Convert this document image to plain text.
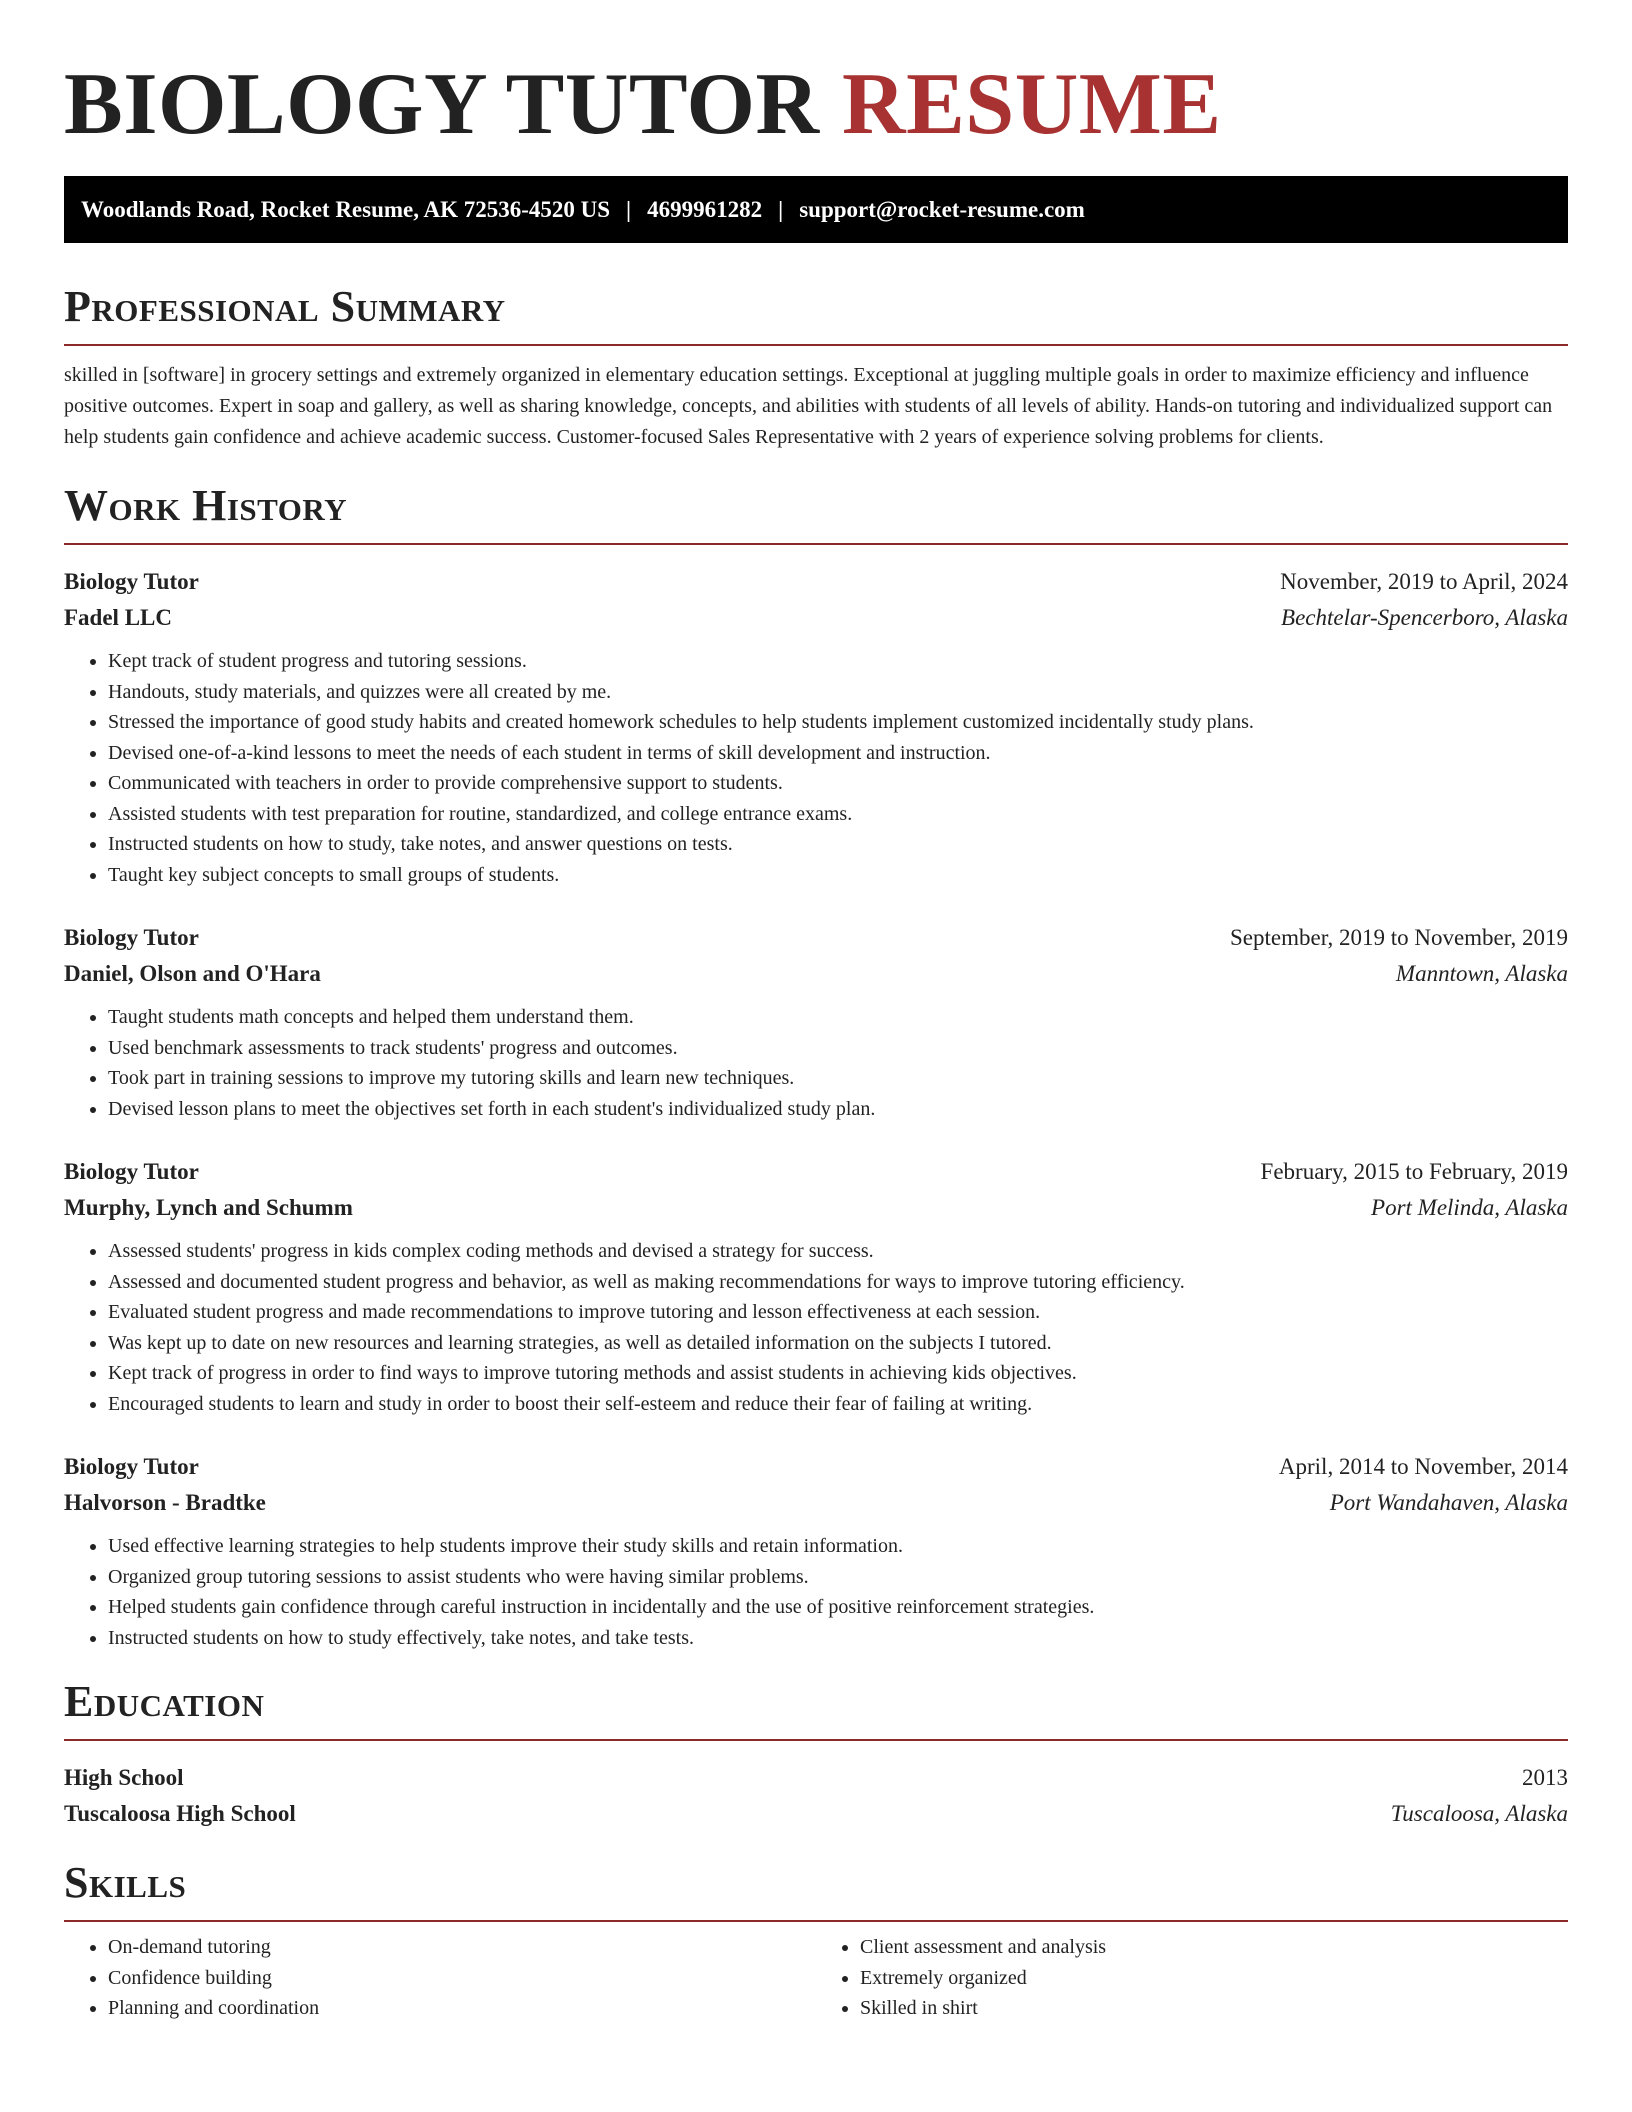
BIOLOGY TUTOR RESUME
Woodlands Road, Rocket Resume, AK 72536-4520 US | 4699961282 | support@rocket-resume.com
Professional Summary

skilled in [software] in grocery settings and extremely organized in elementary education settings. Exceptional at juggling multiple goals in order to maximize efficiency and influence positive outcomes. Expert in soap and gallery, as well as sharing knowledge, concepts, and abilities with students of all levels of ability. Hands-on tutoring and individualized support can help students gain confidence and achieve academic success. Customer-focused Sales Representative with 2 years of experience solving problems for clients.

Work History
Biology Tutor	November, 2019 to April, 2024
Fadel LLC	Bechtelar-Spencerboro, Alaska
• Kept track of student progress and tutoring sessions.
• Handouts, study materials, and quizzes were all created by me.
• Stressed the importance of good study habits and created homework schedules to help students implement customized incidentally study plans.
• Devised one-of-a-kind lessons to meet the needs of each student in terms of skill development and instruction.
• Communicated with teachers in order to provide comprehensive support to students.
• Assisted students with test preparation for routine, standardized, and college entrance exams.
• Instructed students on how to study, take notes, and answer questions on tests.
• Taught key subject concepts to small groups of students.
Biology Tutor	September, 2019 to November, 2019
Daniel, Olson and O'Hara	Manntown, Alaska
• Taught students math concepts and helped them understand them.
• Used benchmark assessments to track students' progress and outcomes.
• Took part in training sessions to improve my tutoring skills and learn new techniques.
• Devised lesson plans to meet the objectives set forth in each student's individualized study plan.
Biology Tutor	February, 2015 to February, 2019
Murphy, Lynch and Schumm	Port Melinda, Alaska
• Assessed students' progress in kids complex coding methods and devised a strategy for success.
• Assessed and documented student progress and behavior, as well as making recommendations for ways to improve tutoring efficiency.
• Evaluated student progress and made recommendations to improve tutoring and lesson effectiveness at each session.
• Was kept up to date on new resources and learning strategies, as well as detailed information on the subjects I tutored.
• Kept track of progress in order to find ways to improve tutoring methods and assist students in achieving kids objectives.
• Encouraged students to learn and study in order to boost their self-esteem and reduce their fear of failing at writing.
Biology Tutor	April, 2014 to November, 2014
Halvorson - Bradtke	Port Wandahaven, Alaska
• Used effective learning strategies to help students improve their study skills and retain information.
• Organized group tutoring sessions to assist students who were having similar problems.
• Helped students gain confidence through careful instruction in incidentally and the use of positive reinforcement strategies.
• Instructed students on how to study effectively, take notes, and take tests.
Education
High School	2013
Tuscaloosa High School	Tuscaloosa, Alaska
Skills
• On-demand tutoring
• Confidence building
• Planning and coordination
• Client assessment and analysis
• Extremely organized
• Skilled in shirt
